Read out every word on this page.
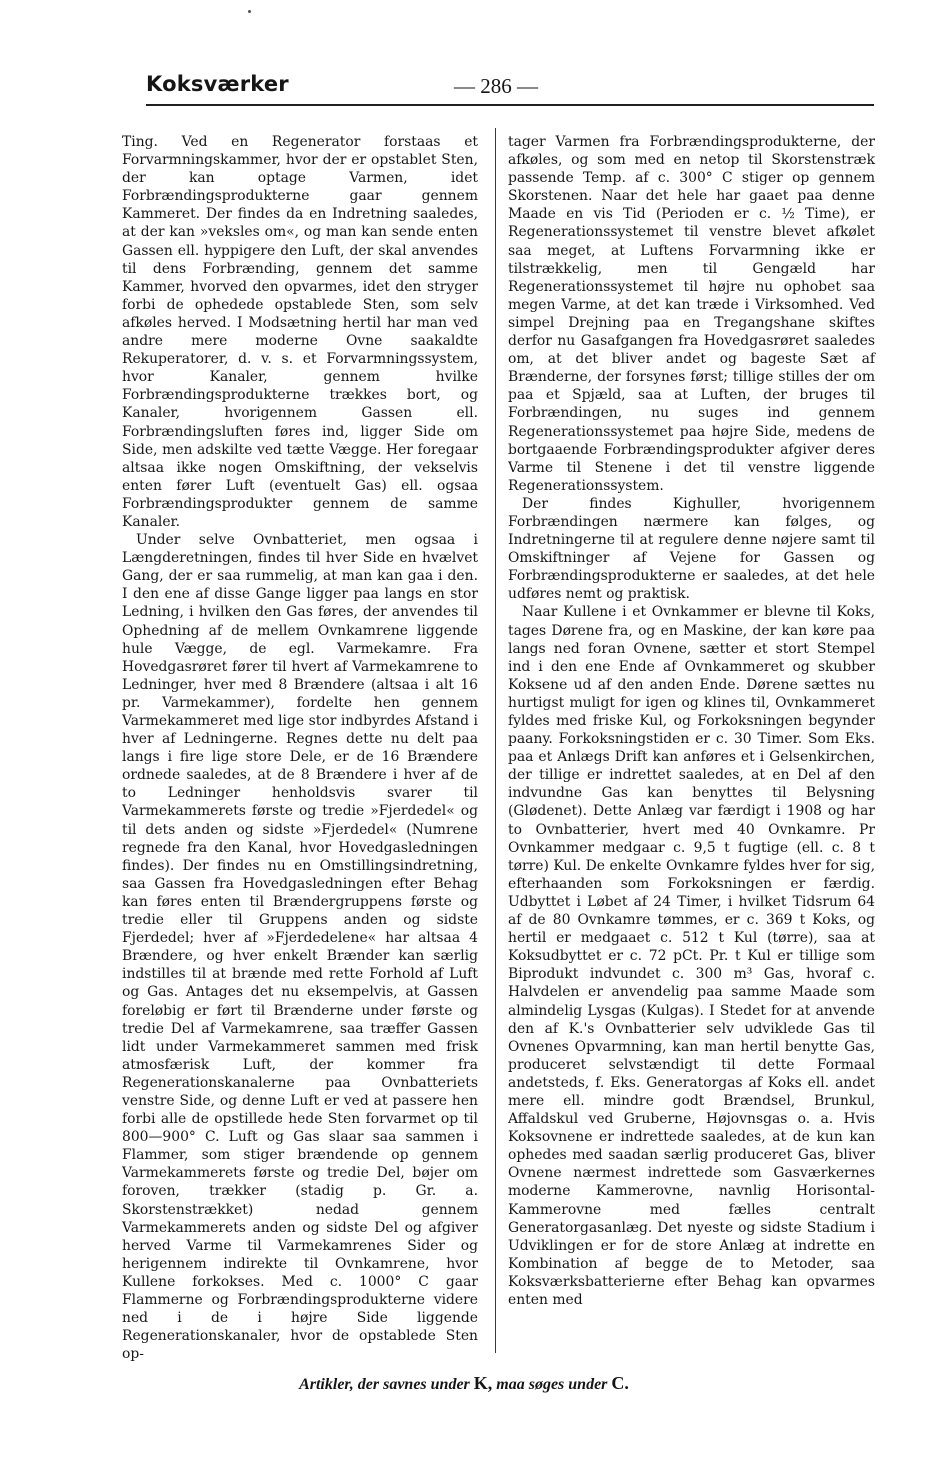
Koksværker	— 286 —

Ting. Ved en Regenerator forstaas et Forvarmningskammer, hvor der er opstablet Sten, der kan optage Varmen, idet Forbrændingsprodukterne gaar gennem Kammeret. Der findes da en Indretning saaledes, at der kan »veksles om«, og man kan sende enten Gassen ell. hyppigere den Luft, der skal anvendes til dens Forbrænding, gennem det samme Kammer, hvorved den opvarmes, idet den stryger forbi de ophedede opstablede Sten, som selv afkøles herved. I Modsætning hertil har man ved andre mere moderne Ovne saakaldte Rekuperatorer, d. v. s. et Forvarmningssystem, hvor Kanaler, gennem hvilke Forbrændingsprodukterne trækkes bort, og Kanaler, hvorigennem Gassen ell. Forbrændingsluften føres ind, ligger Side om Side, men adskilte ved tætte Vægge. Her foregaar altsaa ikke nogen Omskiftning, der vekselvis enten fører Luft (eventuelt Gas) ell. ogsaa Forbrændingsprodukter gennem de samme Kanaler.

Under selve Ovnbatteriet, men ogsaa i Længderetningen, findes til hver Side en hvælvet Gang, der er saa rummelig, at man kan gaa i den. I den ene af disse Gange ligger paa langs en stor Ledning, i hvilken den Gas føres, der anvendes til Ophedning af de mellem Ovnkamrene liggende hule Vægge, de egl. Varmekamre. Fra Hovedgasrøret fører til hvert af Varmekamrene to Ledninger, hver med 8 Brændere (altsaa i alt 16 pr. Varmekammer), fordelte hen gennem Varmekammeret med lige stor indbyrdes Afstand i hver af Ledningerne. Regnes dette nu delt paa langs i fire lige store Dele, er de 16 Brændere ordnede saaledes, at de 8 Brændere i hver af de to Ledninger henholdsvis svarer til Varmekammerets første og tredie »Fjerdedel« og til dets anden og sidste »Fjerdedel« (Numrene regnede fra den Kanal, hvor Hovedgasledningen findes). Der findes nu en Omstillingsindretning, saa Gassen fra Hovedgasledningen efter Behag kan føres enten til Brændergruppens første og tredie eller til Gruppens anden og sidste Fjerdedel; hver af »Fjerdedelene« har altsaa 4 Brændere, og hver enkelt Brænder kan særlig indstilles til at brænde med rette Forhold af Luft og Gas. Antages det nu eksempelvis, at Gassen foreløbig er ført til Brænderne under første og tredie Del af Varmekamrene, saa træffer Gassen lidt under Varmekammeret sammen med frisk atmosfærisk Luft, der kommer fra Regenerationskanalerne paa Ovnbatteriets venstre Side, og denne Luft er ved at passere hen forbi alle de opstillede hede Sten forvarmet op til 800—900° C. Luft og Gas slaar saa sammen i Flammer, som stiger brændende op gennem Varmekammerets første og tredie Del, bøjer om foroven, trækker (stadig p. Gr. a. Skorstenstrækket) nedad gennem Varmekammerets anden og sidste Del og afgiver herved Varme til Varmekamrenes Sider og herigennem indirekte til Ovnkamrene, hvor Kullene forkokses. Med c. 1000° C gaar Flammerne og Forbrændingsprodukterne videre ned i de i højre Side liggende Regenerationskanaler, hvor de opstablede Sten op-

tager Varmen fra Forbrændingsprodukterne, der afkøles, og som med en netop til Skorstenstræk passende Temp. af c. 300° C stiger op gennem Skorstenen. Naar det hele har gaaet paa denne Maade en vis Tid (Perioden er c. ½ Time), er Regenerationssystemet til venstre blevet afkølet saa meget, at Luftens Forvarmning ikke er tilstrækkelig, men til Gengæld har Regenerationssystemet til højre nu ophobet saa megen Varme, at det kan træde i Virksomhed. Ved simpel Drejning paa en Tregangshane skiftes derfor nu Gasafgangen fra Hovedgasrøret saaledes om, at det bliver andet og bageste Sæt af Brænderne, der forsynes først; tillige stilles der om paa et Spjæld, saa at Luften, der bruges til Forbrændingen, nu suges ind gennem Regenerationssystemet paa højre Side, medens de bortgaaende Forbrændingsprodukter afgiver deres Varme til Stenene i det til venstre liggende Regenerationssystem.

Der findes Kighuller, hvorigennem Forbrændingen nærmere kan følges, og Indretningerne til at regulere denne nøjere samt til Omskiftninger af Vejene for Gassen og Forbrændingsprodukterne er saaledes, at det hele udføres nemt og praktisk.

Naar Kullene i et Ovnkammer er blevne til Koks, tages Dørene fra, og en Maskine, der kan køre paa langs ned foran Ovnene, sætter et stort Stempel ind i den ene Ende af Ovnkammeret og skubber Koksene ud af den anden Ende. Dørene sættes nu hurtigst muligt for igen og klines til, Ovnkammeret fyldes med friske Kul, og Forkoksningen begynder paany. Forkoksningstiden er c. 30 Timer. Som Eks. paa et Anlægs Drift kan anføres et i Gelsenkirchen, der tillige er indrettet saaledes, at en Del af den indvundne Gas kan benyttes til Belysning (Glødenet). Dette Anlæg var færdigt i 1908 og har to Ovnbatterier, hvert med 40 Ovnkamre. Pr Ovnkammer medgaar c. 9,5 t fugtige (ell. c. 8 t tørre) Kul. De enkelte Ovnkamre fyldes hver for sig, efterhaanden som Forkoksningen er færdig. Udbyttet i Løbet af 24 Timer, i hvilket Tidsrum 64 af de 80 Ovnkamre tømmes, er c. 369 t Koks, og hertil er medgaaet c. 512 t Kul (tørre), saa at Koksudbyttet er c. 72 pCt. Pr. t Kul er tillige som Biprodukt indvundet c. 300 m³ Gas, hvoraf c. Halvdelen er anvendelig paa samme Maade som almindelig Lysgas (Kulgas). I Stedet for at anvende den af K.'s Ovnbatterier selv udviklede Gas til Ovnenes Opvarmning, kan man hertil benytte Gas, produceret selvstændigt til dette Formaal andetsteds, f. Eks. Generatorgas af Koks ell. andet mere ell. mindre godt Brændsel, Brunkul, Affaldskul ved Gruberne, Højovnsgas o. a. Hvis Koksovnene er indrettede saaledes, at de kun kan ophedes med saadan særlig produceret Gas, bliver Ovnene nærmest indrettede som Gasværkernes moderne Kammerovne, navnlig Horisontal-Kammerovne med fælles centralt Generatorgasanlæg. Det nyeste og sidste Stadium i Udviklingen er for de store Anlæg at indrette en Kombination af begge de to Metoder, saa Koksværksbatterierne efter Behag kan opvarmes enten med

Artikler, der savnes under K, maa søges under C.
